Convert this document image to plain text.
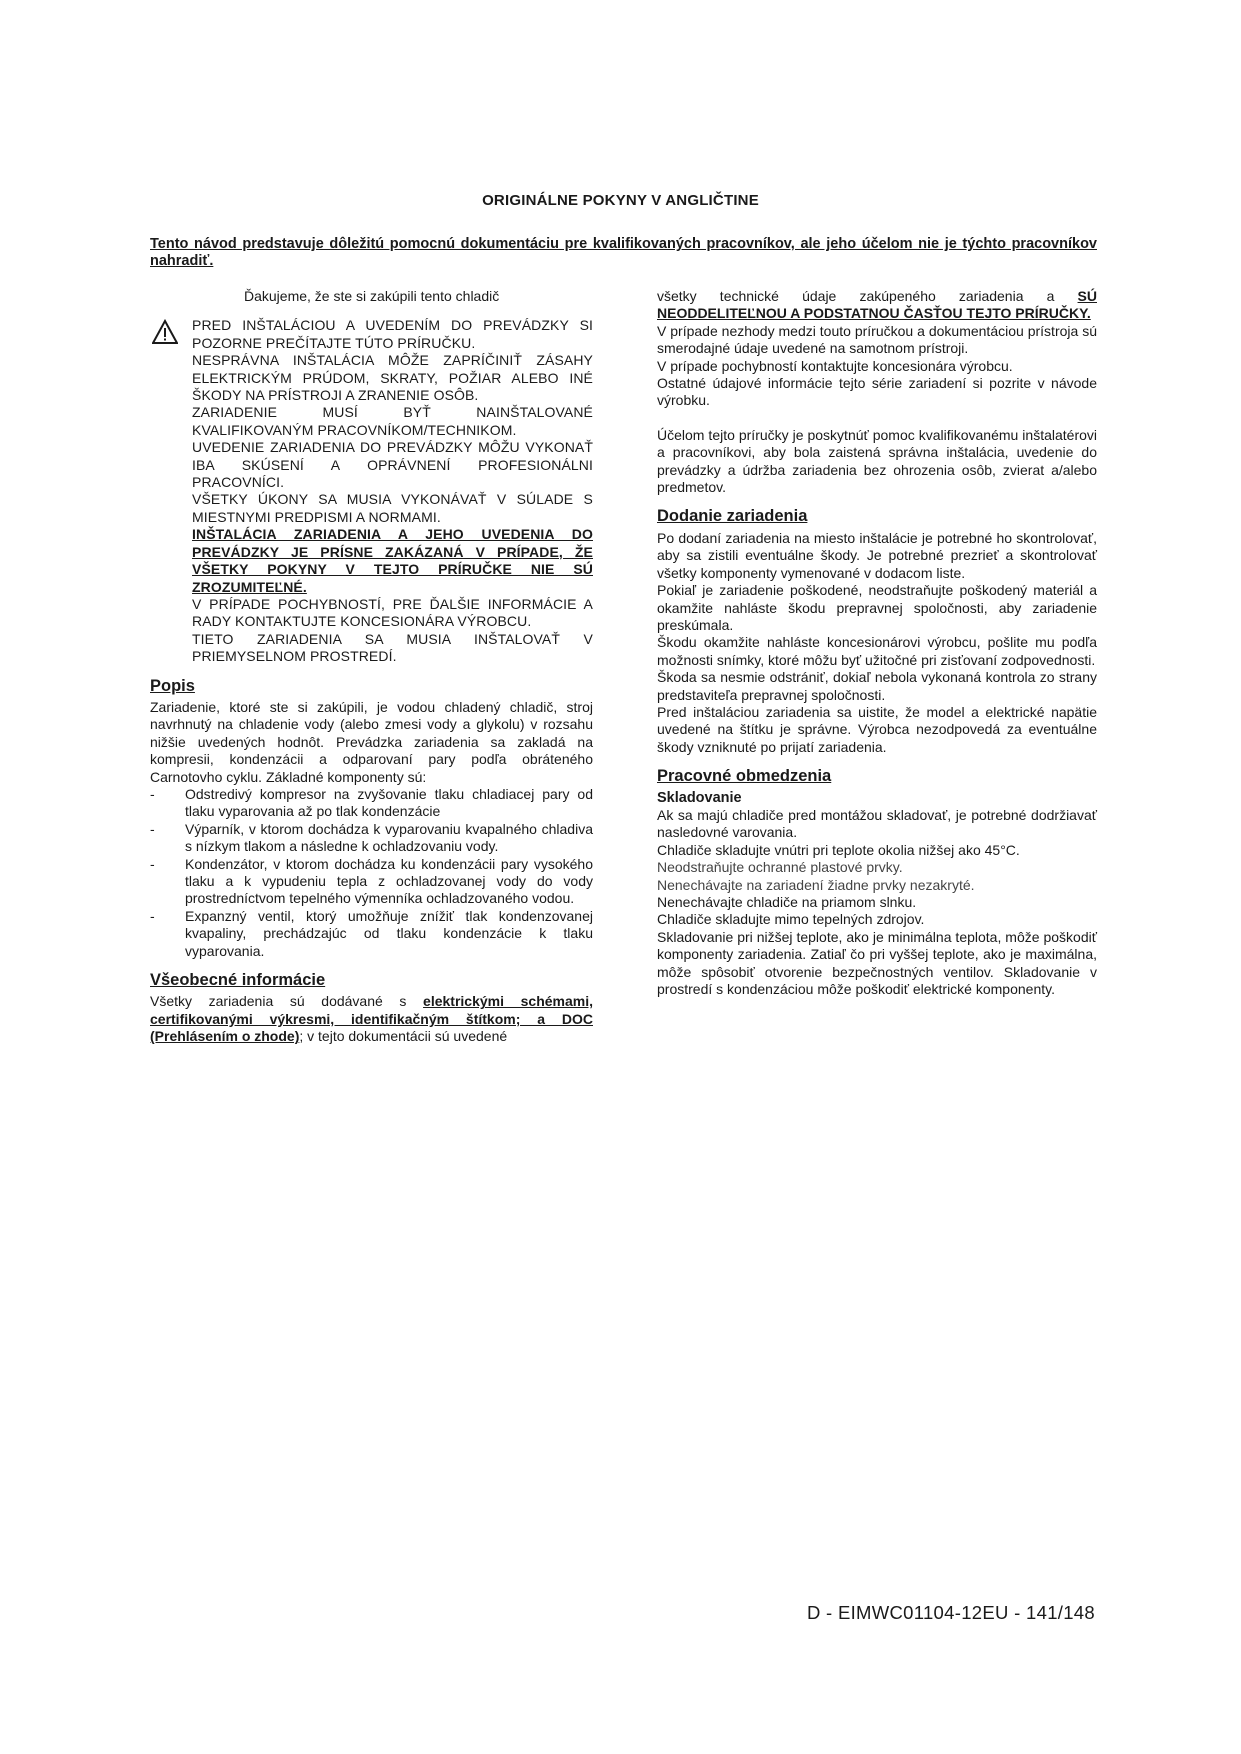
ORIGINÁLNE POKYNY V ANGLIČTINE
Tento návod predstavuje dôležitú pomocnú dokumentáciu pre kvalifikovaných pracovníkov, ale jeho účelom nie je týchto pracovníkov nahradiť.

Ďakujeme, že ste si zakúpili tento chladič

PRED INŠTALÁCIOU A UVEDENÍM DO PREVÁDZKY SI POZORNE PREČÍTAJTE TÚTO PRÍRUČKU.

NESPRÁVNA INŠTALÁCIA MÔŽE ZAPRÍČINIŤ ZÁSAHY ELEKTRICKÝM PRÚDOM, SKRATY, POŽIAR ALEBO INÉ ŠKODY NA PRÍSTROJI A ZRANENIE OSÔB.

ZARIADENIE MUSÍ BYŤ NAINŠTALOVANÉ KVALIFIKOVANÝM PRACOVNÍKOM/TECHNIKOM.

UVEDENIE ZARIADENIA DO PREVÁDZKY MÔŽU VYKONAŤ IBA SKÚSENÍ A OPRÁVNENÍ PROFESIONÁLNI PRACOVNÍCI.

VŠETKY ÚKONY SA MUSIA VYKONÁVAŤ V SÚLADE S MIESTNYMI PREDPISMI A NORMAMI.

INŠTALÁCIA ZARIADENIA A JEHO UVEDENIA DO PREVÁDZKY JE PRÍSNE ZAKÁZANÁ V PRÍPADE, ŽE VŠETKY POKYNY V TEJTO PRÍRUČKE NIE SÚ ZROZUMITEĽNÉ.

V PRÍPADE POCHYBNOSTÍ, PRE ĎALŠIE INFORMÁCIE A RADY KONTAKTUJTE KONCESIONÁRA VÝROBCU.

TIETO ZARIADENIA SA MUSIA INŠTALOVAŤ V PRIEMYSELNOM PROSTREDÍ.

Popis

Zariadenie, ktoré ste si zakúpili, je vodou chladený chladič, stroj navrhnutý na chladenie vody (alebo zmesi vody a glykolu) v rozsahu nižšie uvedených hodnôt. Prevádzka zariadenia sa zakladá na kompresii, kondenzácii a odparovaní pary podľa obráteného Carnotovho cyklu. Základné komponenty sú:

- Odstredivý kompresor na zvyšovanie tlaku chladiacej pary od tlaku vyparovania až po tlak kondenzácie
- Výparník, v ktorom dochádza k vyparovaniu kvapalného chladiva s nízkym tlakom a následne k ochladzovaniu vody.
- Kondenzátor, v ktorom dochádza ku kondenzácii pary vysokého tlaku a k vypudeniu tepla z ochladzovanej vody do vody prostredníctvom tepelného výmenníka ochladzovaného vodou.
- Expanzný ventil, ktorý umožňuje znížiť tlak kondenzovanej kvapaliny, prechádzajúc od tlaku kondenzácie k tlaku vyparovania.
Všeobecné informácie

Všetky zariadenia sú dodávané s elektrickými schémami, certifikovanými výkresmi, identifikačným štítkom; a DOC (Prehlásením o zhode); v tejto dokumentácii sú uvedené

všetky technické údaje zakúpeného zariadenia a SÚ NEODDELITEĽNOU A PODSTATNOU ČASŤOU TEJTO PRÍRUČKY.

V prípade nezhody medzi touto príručkou a dokumentáciou prístroja sú smerodajné údaje uvedené na samotnom prístroji.

V prípade pochybností kontaktujte koncesionára výrobcu.

Ostatné údajové informácie tejto série zariadení si pozrite v návode výrobku.

Účelom tejto príručky je poskytnúť pomoc kvalifikovanému inštalatérovi a pracovníkovi, aby bola zaistená správna inštalácia, uvedenie do prevádzky a údržba zariadenia bez ohrozenia osôb, zvierat a/alebo predmetov.

Dodanie zariadenia

Po dodaní zariadenia na miesto inštalácie je potrebné ho skontrolovať, aby sa zistili eventuálne škody. Je potrebné prezrieť a skontrolovať všetky komponenty vymenované v dodacom liste.

Pokiaľ je zariadenie poškodené, neodstraňujte poškodený materiál a okamžite nahláste škodu prepravnej spoločnosti, aby zariadenie preskúmala.

Škodu okamžite nahláste koncesionárovi výrobcu, pošlite mu podľa možnosti snímky, ktoré môžu byť užitočné pri zisťovaní zodpovednosti.

Škoda sa nesmie odstrániť, dokiaľ nebola vykonaná kontrola zo strany predstaviteľa prepravnej spoločnosti.

Pred inštaláciou zariadenia sa uistite, že model a elektrické napätie uvedené na štítku je správne. Výrobca nezodpovedá za eventuálne škody vzniknuté po prijatí zariadenia.

Pracovné obmedzenia
Skladovanie

Ak sa majú chladiče pred montážou skladovať, je potrebné dodržiavať nasledovné varovania.

Chladiče skladujte vnútri pri teplote okolia nižšej ako 45°C.

Neodstraňujte ochranné plastové prvky.

Nenechávajte na zariadení žiadne prvky nezakryté.

Nenechávajte chladiče na priamom slnku.

Chladiče skladujte mimo tepelných zdrojov.

Skladovanie pri nižšej teplote, ako je minimálna teplota, môže poškodiť komponenty zariadenia. Zatiaľ čo pri vyššej teplote, ako je maximálna, môže spôsobiť otvorenie bezpečnostných ventilov. Skladovanie v prostredí s kondenzáciou môže poškodiť elektrické komponenty.

D - EIMWC01104-12EU - 141/148
